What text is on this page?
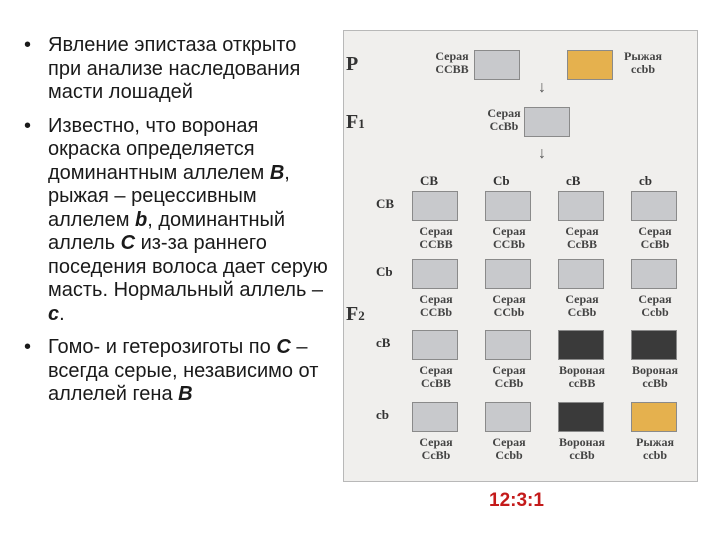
• Явление эпистаза открыто при анализе наследования масти лошадей
• Известно, что вороная окраска определяется доминантным аллелем B, рыжая – рецессивным аллелем b, доминантный аллель C из-за раннего поседения волоса дает серую масть. Нормальный аллель – c.
• Гомо- и гетерозиготы по C – всегда серые, независимо от аллелей гена B
P
F1
F2
Серая
CCBB
Рыжая
ccbb
↓
Серая
CcBb
↓
CB
CB
Cb
Cb
cB
cB
cb
cb
Серая
CCBB
Серая
CCBb
Серая
CcBB
Серая
CcBb
Серая
CCBb
Серая
CCbb
Серая
CcBb
Серая
Ccbb
Серая
CcBB
Серая
CcBb
Вороная
ccBB
Вороная
ccBb
Серая
CcBb
Серая
Ccbb
Вороная
ccBb
Рыжая
ccbb
12:3:1
